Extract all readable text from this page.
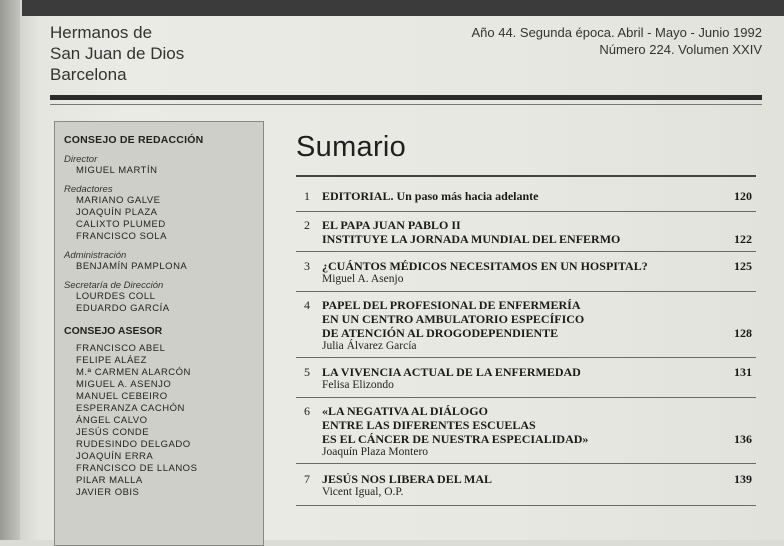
Hermanos de
San Juan de Dios
Barcelona
Año 44. Segunda época. Abril - Mayo - Junio 1992
Número 224. Volumen XXIV
CONSEJO DE REDACCIÓN
Director
MIGUEL MARTÍN
Redactores
MARIANO GALVE
JOAQUÍN PLAZA
CALIXTO PLUMED
FRANCISCO SOLA
Administración
BENJAMÍN PAMPLONA
Secretaría de Dirección
LOURDES COLL
EDUARDO GARCÍA
CONSEJO ASESOR
FRANCISCO ABEL
FELIPE ALÁEZ
M.ª CARMEN ALARCÓN
MIGUEL A. ASENJO
MANUEL CEBEIRO
ESPERANZA CACHÓN
ÁNGEL CALVO
JESÚS CONDE
RUDESINDO DELGADO
JOAQUÍN ERRA
FRANCISCO DE LLANOS
PILAR MALLA
JAVIER OBIS
Sumario
1 EDITORIAL. Un paso más hacia adelante	120
2 EL PAPA JUAN PABLO II
INSTITUYE LA JORNADA MUNDIAL DEL ENFERMO	122
3 ¿CUÁNTOS MÉDICOS NECESITAMOS EN UN HOSPITAL?
Miguel A. Asenjo
125
4 PAPEL DEL PROFESIONAL DE ENFERMERÍA
EN UN CENTRO AMBULATORIO ESPECÍFICO
DE ATENCIÓN AL DROGODEPENDIENTE
Julia Álvarez García
128
5 LA VIVENCIA ACTUAL DE LA ENFERMEDAD
Felisa Elizondo
131
6 «LA NEGATIVA AL DIÁLOGO
ENTRE LAS DIFERENTES ESCUELAS
ES EL CÁNCER DE NUESTRA ESPECIALIDAD»
Joaquín Plaza Montero
136
7 JESÚS NOS LIBERA DEL MAL
Vicent Igual, O.P.
139
